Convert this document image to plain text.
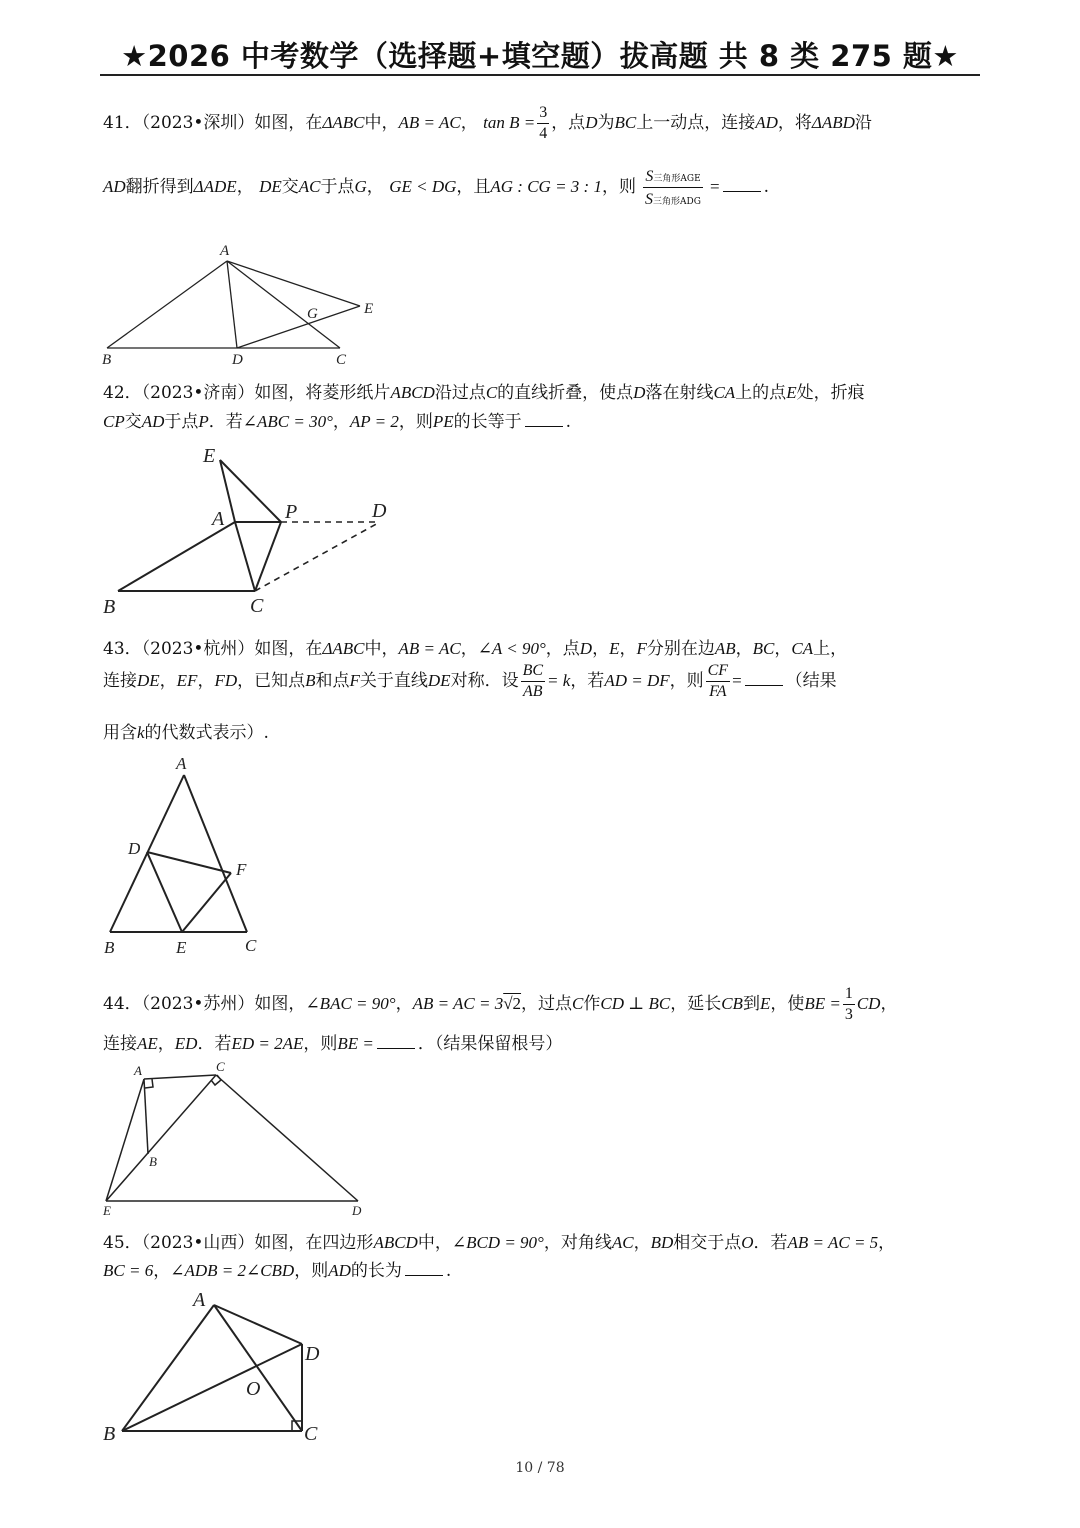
★2026 中考数学（选择题+填空题）拔高题 共 8 类 275 题★
41．（2023•深圳）如图，在ΔABC中，AB = AC， $\tan B = \frac{3}{4}$ ，点D为BC上一动点，连接AD，将ΔABD沿
AD翻折得到ΔADE， DE交AC于点G， GE < DG，且AG : CG = 3 : 1，则 $\frac{\text{S三角形AGE}}{\text{S三角形ADG}}$ =	.
A
B	D	C
G	E
42．（2023•济南）如图，将菱形纸片ABCD沿过点C的直线折叠，使点D落在射线CA上的点E处，折痕
CP交AD于点P．若∠ABC = 30°，AP = 2，则PE的长等于	.
E
A	P	D
B	C
43．（2023•杭州）如图，在ΔABC中，AB = AC，∠A < 90°，点D，E，F分别在边AB，BC，CA上，
连接DE，EF，FD，已知点B和点F关于直线DE对称．设 $\frac{BC}{AB} = k$，若AD = DF，则 $\frac{CF}{FA}$ =	（结果
用含k的代数式表示）.
A
D
F
B	E	C
44．（2023•苏州）如图，∠BAC = 90°，AB = AC = 3√2，过点C作CD ⊥ BC，延长CB到E，使BE = $\frac{1}{3}$ CD，
连接AE，ED．若ED = 2AE，则BE =	．（结果保留根号）
A	C
B
E	D
45．（2023•山西）如图，在四边形ABCD中，∠BCD = 90°，对角线AC，BD相交于点O．若AB = AC = 5，
BC = 6，∠ADB = 2∠CBD，则AD的长为	.
A
D
O
B	C
10 / 78
